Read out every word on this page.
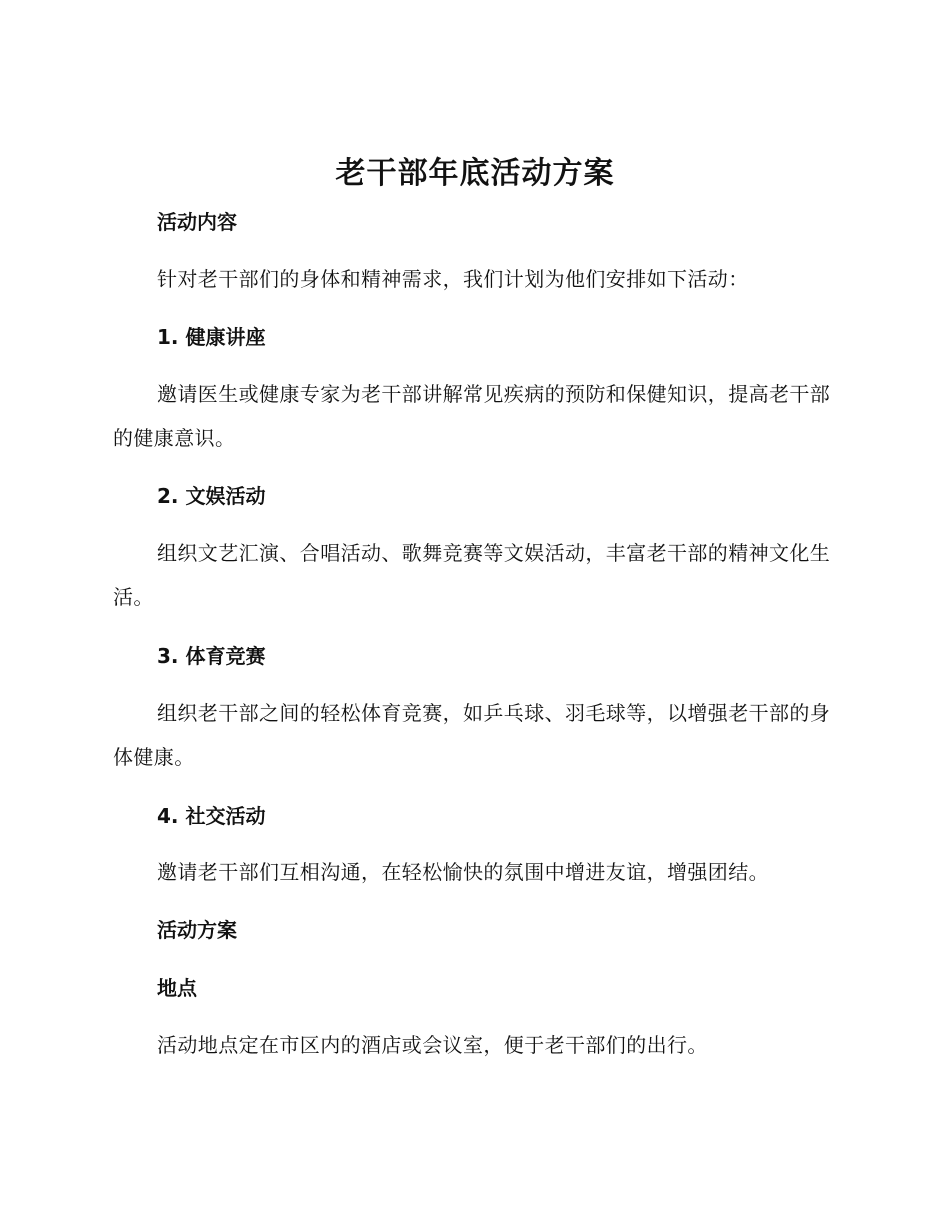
老干部年底活动方案
活动内容

针对老干部们的身体和精神需求，我们计划为他们安排如下活动：

1. 健康讲座

邀请医生或健康专家为老干部讲解常见疾病的预防和保健知识，提高老干部的健康意识。

2. 文娱活动

组织文艺汇演、合唱活动、歌舞竞赛等文娱活动，丰富老干部的精神文化生活。

3. 体育竞赛

组织老干部之间的轻松体育竞赛，如乒乓球、羽毛球等，以增强老干部的身体健康。

4. 社交活动

邀请老干部们互相沟通，在轻松愉快的氛围中增进友谊，增强团结。

活动方案
地点

活动地点定在市区内的酒店或会议室，便于老干部们的出行。
